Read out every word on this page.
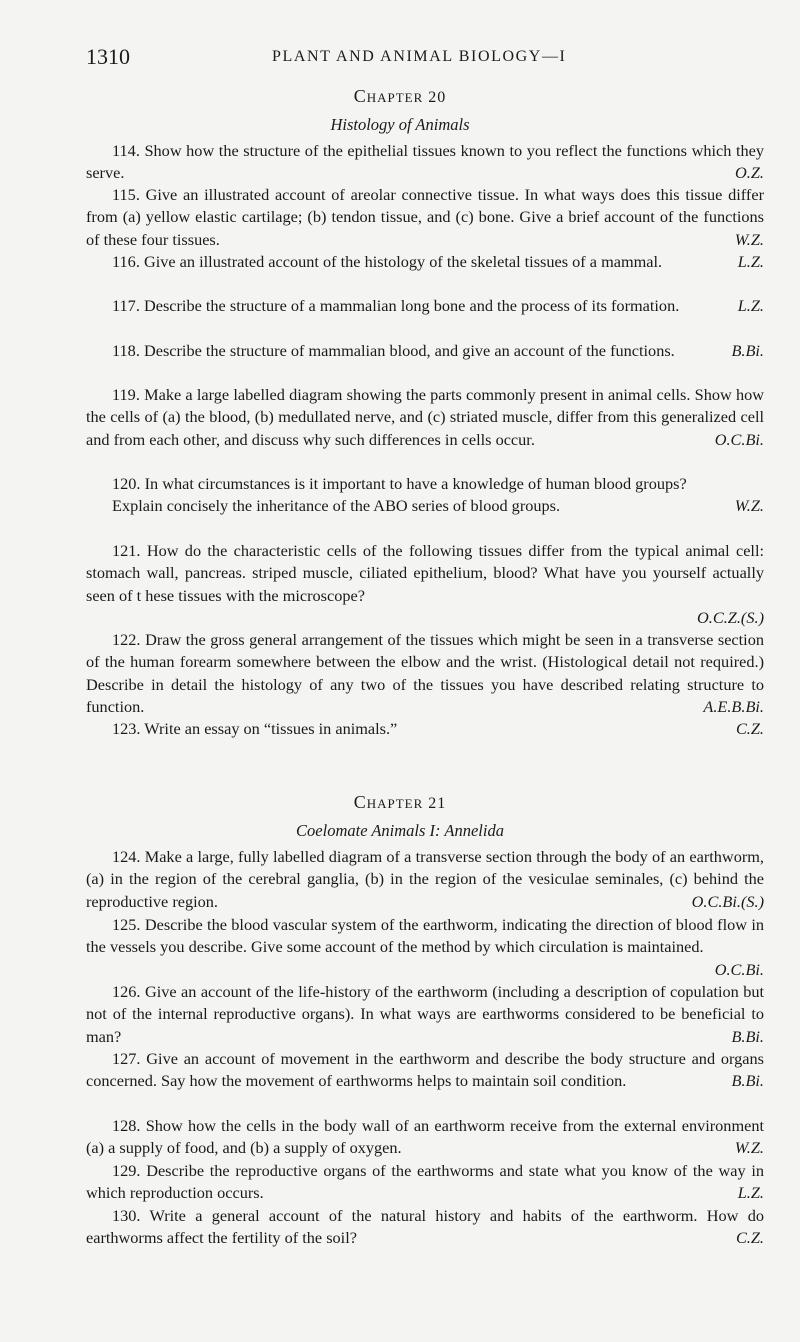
1310	PLANT AND ANIMAL BIOLOGY—I
Chapter 20
Histology of Animals
114. Show how the structure of the epithelial tissues known to you reflect the functions which they serve.	O.Z.
115. Give an illustrated account of areolar connective tissue. In what ways does this tissue differ from (a) yellow elastic cartilage; (b) tendon tissue, and (c) bone. Give a brief account of the functions of these four tissues.	W.Z.
116. Give an illustrated account of the histology of the skeletal tissues of a mammal.	L.Z.
117. Describe the structure of a mammalian long bone and the process of its formation.	L.Z.
118. Describe the structure of mammalian blood, and give an account of the functions.	B.Bi.
119. Make a large labelled diagram showing the parts commonly present in animal cells. Show how the cells of (a) the blood, (b) medullated nerve, and (c) striated muscle, differ from this generalized cell and from each other, and discuss why such differences in cells occur.	O.C.Bi.
120. In what circumstances is it important to have a knowledge of human blood groups?
Explain concisely the inheritance of the ABO series of blood groups.	W.Z.
121. How do the characteristic cells of the following tissues differ from the typical animal cell: stomach wall, pancreas. striped muscle, ciliated epithelium, blood? What have you yourself actually seen of t hese tissues with the microscope?
O.C.Z.(S.)
122. Draw the gross general arrangement of the tissues which might be seen in a transverse section of the human forearm somewhere between the elbow and the wrist. (Histological detail not required.) Describe in detail the histology of any two of the tissues you have described relating structure to function.	A.E.B.Bi.
123. Write an essay on “tissues in animals.”	C.Z.
Chapter 21
Coelomate Animals I: Annelida
124. Make a large, fully labelled diagram of a transverse section through the body of an earthworm, (a) in the region of the cerebral ganglia, (b) in the region of the vesiculae seminales, (c) behind the reproductive region.	O.C.Bi.(S.)
125. Describe the blood vascular system of the earthworm, indicating the direction of blood flow in the vessels you describe. Give some account of the method by which circulation is maintained.
O.C.Bi.
126. Give an account of the life-history of the earthworm (including a description of copulation but not of the internal reproductive organs). In what ways are earthworms considered to be beneficial to man?	B.Bi.
127. Give an account of movement in the earthworm and describe the body structure and organs concerned. Say how the movement of earthworms helps to maintain soil condition.	B.Bi.
128. Show how the cells in the body wall of an earthworm receive from the external environment (a) a supply of food, and (b) a supply of oxygen.	W.Z.
129. Describe the reproductive organs of the earthworms and state what you know of the way in which reproduction occurs.	L.Z.
130. Write a general account of the natural history and habits of the earthworm. How do earthworms affect the fertility of the soil?	C.Z.
